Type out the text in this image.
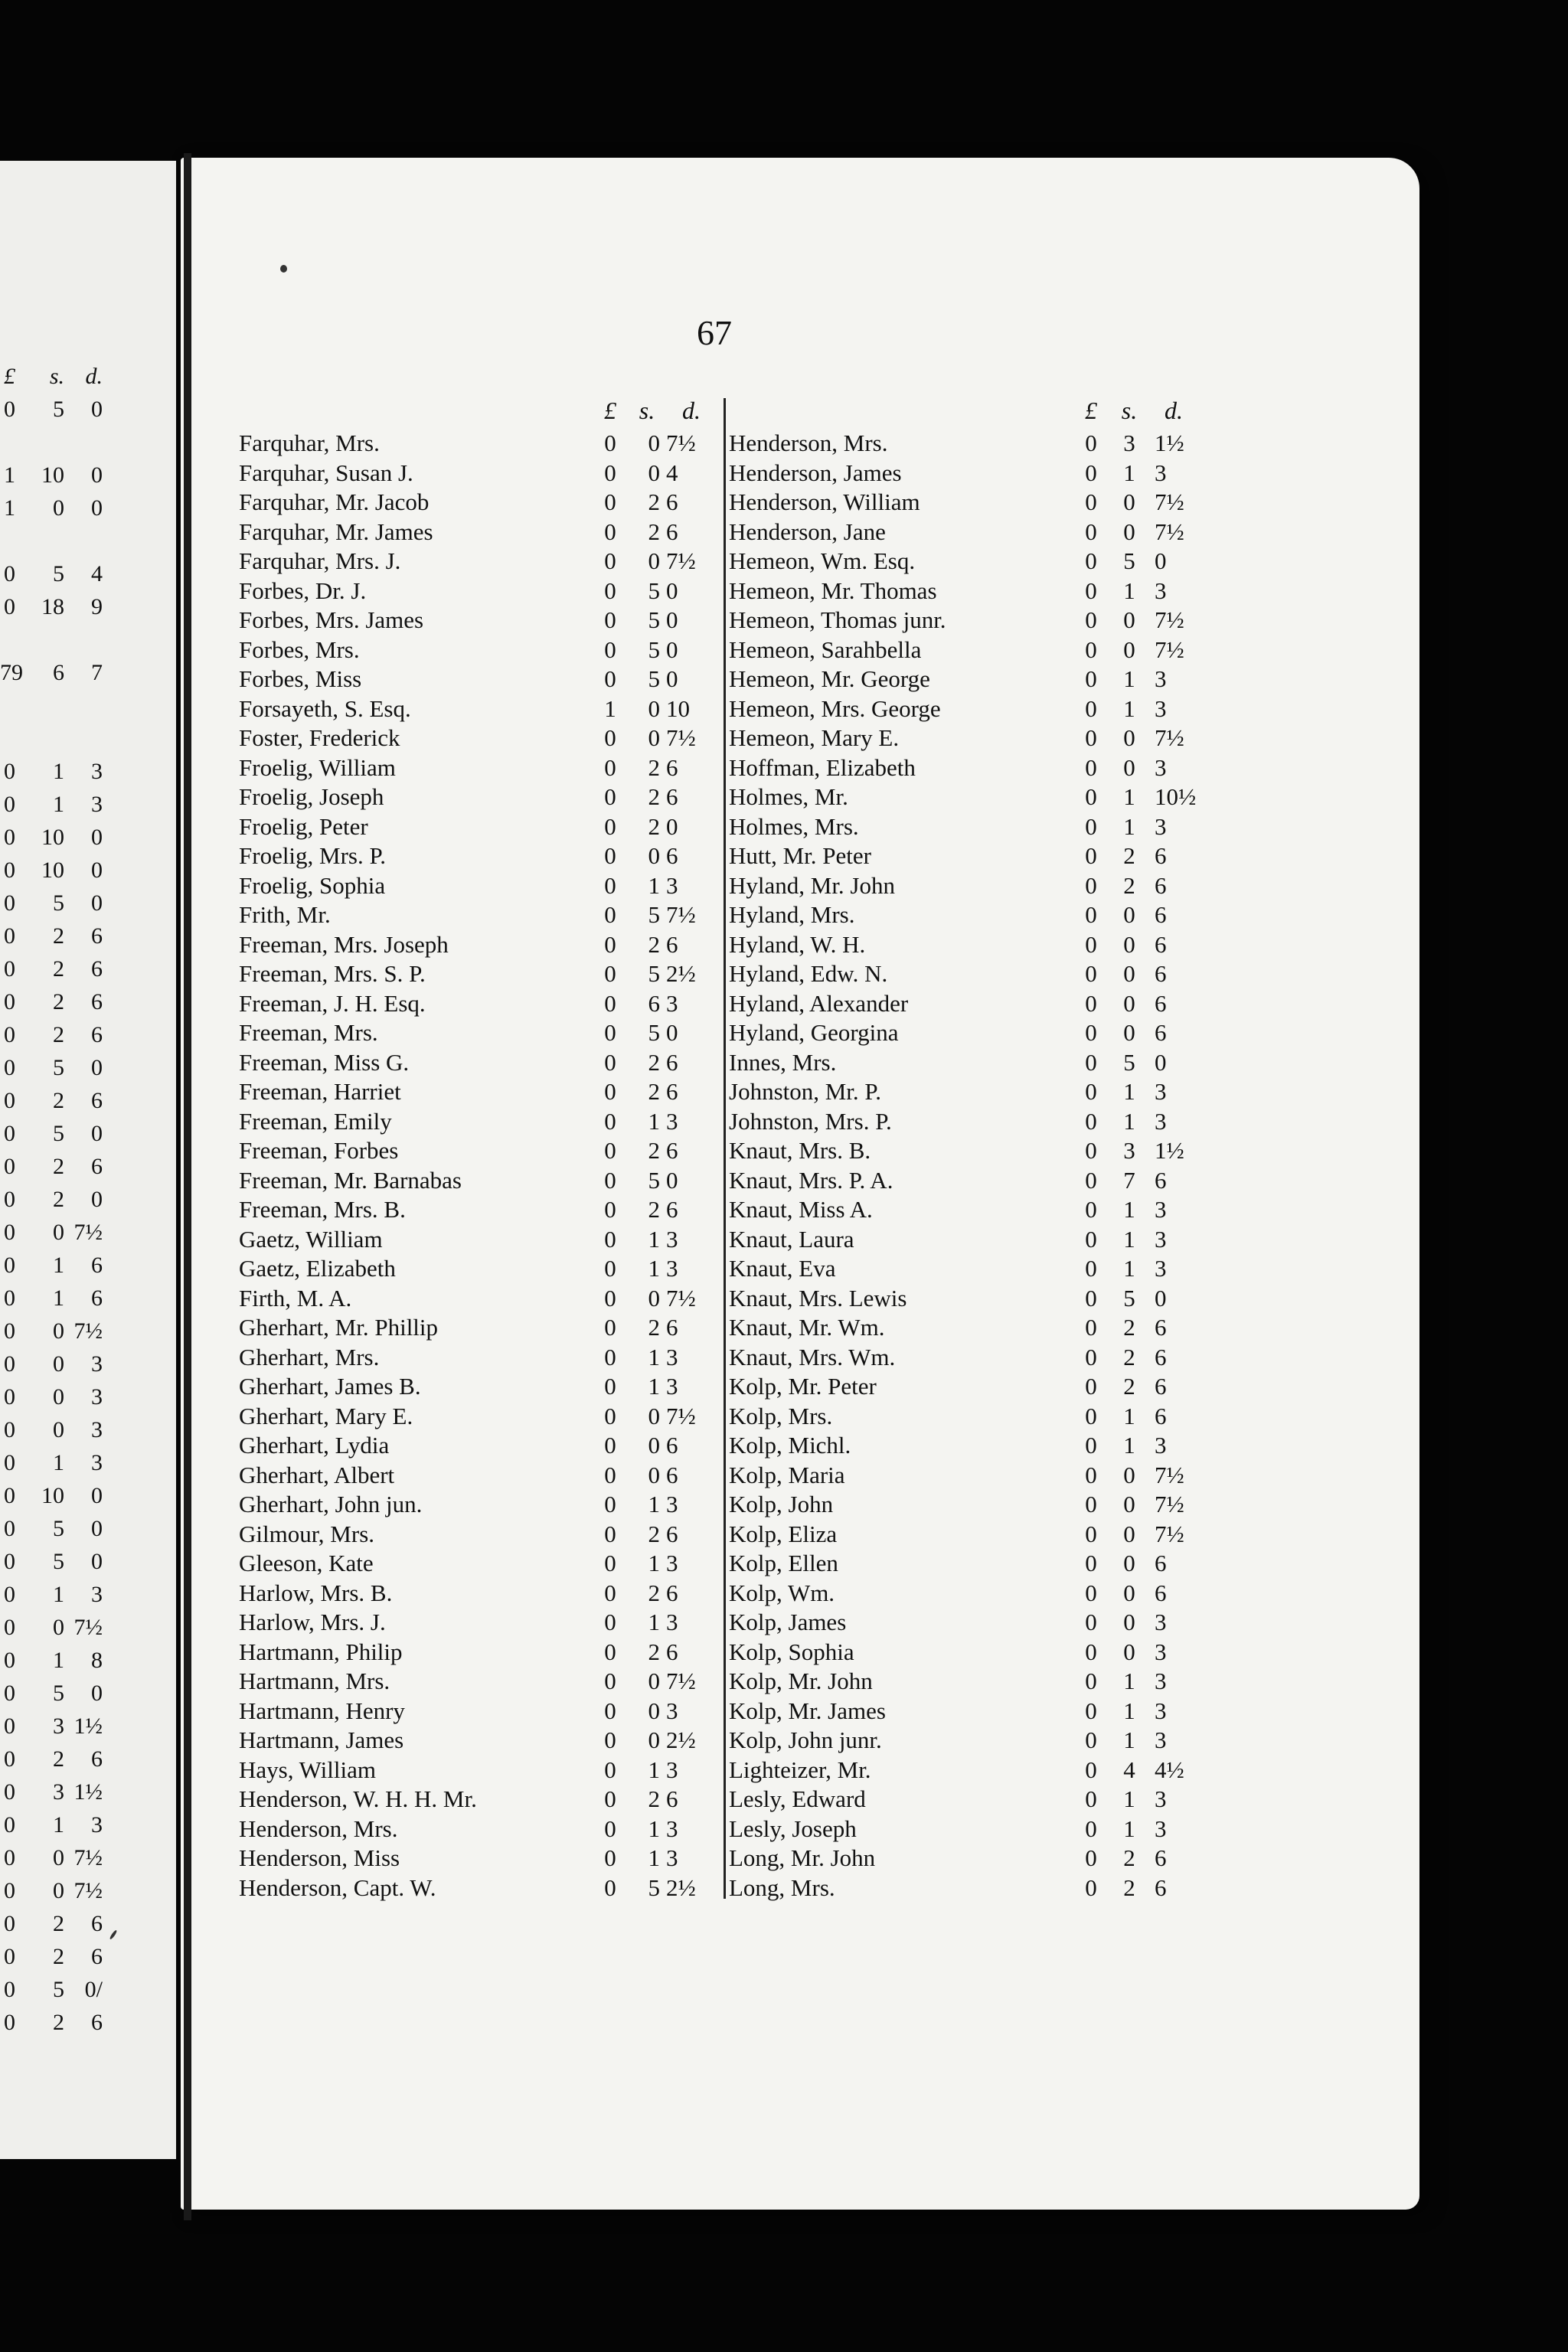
£	s. d.
0	5	0
1	10	0
1	0	0
0	5	4
0	18	9
79	6	7
0	1	3
0	1	3
0	10	0
0	10	0
0	5	0
0	2	6
0	2	6
0	2	6
0	2	6
0	5	0
0	2	6
0	5	0
0	2	6
0	2	0
0	0 7½
0	1	6
0	1	6
0	0 7½
0	0	3
0	0	3
0	0	3
0	1	3
0	10	0
0	5	0
0	5	0
0	1	3
0	0 7½
0	1	8
0	5	0
0	3 1½
0	2	6
0	3 1½
0	1	3
0	0 7½
0	0 7½
0	2	6
0	2	6
0	5 0/
0	2	6
67
£ s. d.	£ s. d.
Farquhar, Mrs.	0	0 7½	Henderson, Mrs.	0 3 1½
Farquhar, Susan J.	0	0 4	Henderson, James	0 1 3
Farquhar, Mr. Jacob	0	2 6	Henderson, William	0 0 7½
Farquhar, Mr. James	0	2 6	Henderson, Jane	0 0 7½
Farquhar, Mrs. J.	0	0 7½	Hemeon, Wm. Esq.	0 5 0
Forbes, Dr. J.	0	5 0	Hemeon, Mr. Thomas	0 1 3
Forbes, Mrs. James	0	5 0	Hemeon, Thomas junr.	0 0 7½
Forbes, Mrs.	0	5 0	Hemeon, Sarahbella	0 0 7½
Forbes, Miss	0	5 0	Hemeon, Mr. George	0 1 3
Forsayeth, S. Esq.	1	0 10	Hemeon, Mrs. George	0 1 3
Foster, Frederick	0	0 7½	Hemeon, Mary E.	0 0 7½
Froelig, William	0	2 6	Hoffman, Elizabeth	0 0 3
Froelig, Joseph	0	2 6	Holmes, Mr.	0 1 10½
Froelig, Peter	0	2 0	Holmes, Mrs.	0 1 3
Froelig, Mrs. P.	0	0 6	Hutt, Mr. Peter	0 2 6
Froelig, Sophia	0	1 3	Hyland, Mr. John	0 2 6
Frith, Mr.	0	5 7½	Hyland, Mrs.	0 0 6
Freeman, Mrs. Joseph	0	2 6	Hyland, W. H.	0 0 6
Freeman, Mrs. S. P.	0	5 2½	Hyland, Edw. N.	0 0 6
Freeman, J. H. Esq.	0	6 3	Hyland, Alexander	0 0 6
Freeman, Mrs.	0	5 0	Hyland, Georgina	0 0 6
Freeman, Miss G.	0	2 6	Innes, Mrs.	0 5 0
Freeman, Harriet	0	2 6	Johnston, Mr. P.	0 1 3
Freeman, Emily	0	1 3	Johnston, Mrs. P.	0 1 3
Freeman, Forbes	0	2 6	Knaut, Mrs. B.	0 3 1½
Freeman, Mr. Barnabas	0	5 0	Knaut, Mrs. P. A.	0 7 6
Freeman, Mrs. B.	0	2 6	Knaut, Miss A.	0 1 3
Gaetz, William	0	1 3	Knaut, Laura	0 1 3
Gaetz, Elizabeth	0	1 3	Knaut, Eva	0 1 3
Firth, M. A.	0	0 7½	Knaut, Mrs. Lewis	0 5 0
Gherhart, Mr. Phillip	0	2 6	Knaut, Mr. Wm.	0 2 6
Gherhart, Mrs.	0	1 3	Knaut, Mrs. Wm.	0 2 6
Gherhart, James B.	0	1 3	Kolp, Mr. Peter	0 2 6
Gherhart, Mary E.	0	0 7½	Kolp, Mrs.	0 1 6
Gherhart, Lydia	0	0 6	Kolp, Michl.	0 1 3
Gherhart, Albert	0	0 6	Kolp, Maria	0 0 7½
Gherhart, John jun.	0	1 3	Kolp, John	0 0 7½
Gilmour, Mrs.	0	2 6	Kolp, Eliza	0 0 7½
Gleeson, Kate	0	1 3	Kolp, Ellen	0 0 6
Harlow, Mrs. B.	0	2 6	Kolp, Wm.	0 0 6
Harlow, Mrs. J.	0	1 3	Kolp, James	0 0 3
Hartmann, Philip	0	2 6	Kolp, Sophia	0 0 3
Hartmann, Mrs.	0	0 7½	Kolp, Mr. John	0 1 3
Hartmann, Henry	0	0 3	Kolp, Mr. James	0 1 3
Hartmann, James	0	0 2½	Kolp, John junr.	0 1 3
Hays, William	0	1 3	Lighteizer, Mr.	0 4 4½
Henderson, W. H. H. Mr.	0	2 6	Lesly, Edward	0 1 3
Henderson, Mrs.	0	1 3	Lesly, Joseph	0 1 3
Henderson, Miss	0	1 3	Long, Mr. John	0 2 6
Henderson, Capt. W.	0	5 2½	Long, Mrs.	0 2 6
